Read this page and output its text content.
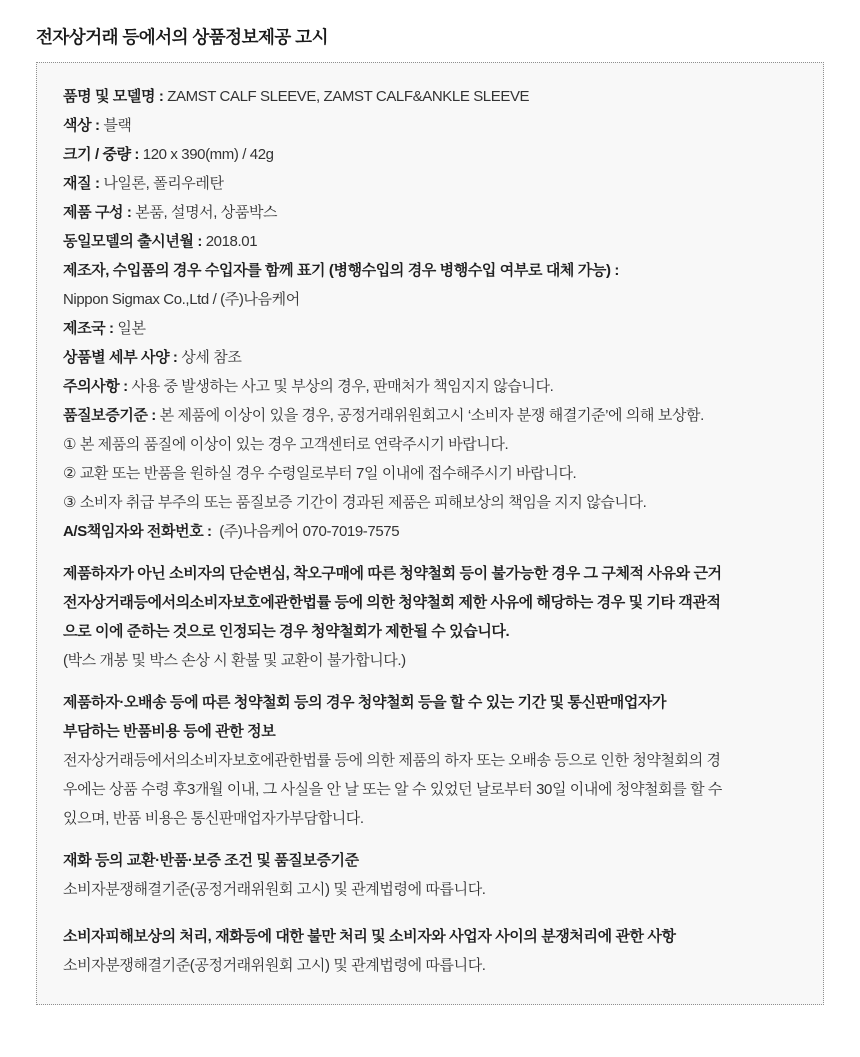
전자상거래 등에서의 상품정보제공 고시
품명 및 모델명 : ZAMST CALF SLEEVE, ZAMST CALF&ANKLE SLEEVE
색상 : 블랙
크기 / 중량 : 120 x 390(mm) / 42g
재질 : 나일론, 폴리우레탄
제품 구성 : 본품, 설명서, 상품박스
동일모델의 출시년월 : 2018.01
제조자, 수입품의 경우 수입자를 함께 표기 (병행수입의 경우 병행수입 여부로 대체 가능) :
Nippon Sigmax Co.,Ltd / (주)나음케어
제조국 : 일본
상품별 세부 사양 : 상세 참조
주의사항 : 사용 중 발생하는 사고 및 부상의 경우, 판매처가 책임지지 않습니다.
품질보증기준 : 본 제품에 이상이 있을 경우, 공정거래위원회고시 ‘소비자 분쟁 해결기준’에 의해 보상함.
① 본 제품의 품질에 이상이 있는 경우 고객센터로 연락주시기 바랍니다.
② 교환 또는 반품을 원하실 경우 수령일로부터 7일 이내에 접수해주시기 바랍니다.
③ 소비자 취급 부주의 또는 품질보증 기간이 경과된 제품은 피해보상의 책임을 지지 않습니다.
A/S책임자와 전화번호 :  (주)나음케어 070-7019-7575
제품하자가 아닌 소비자의 단순변심, 착오구매에 따른 청약철회 등이 불가능한 경우 그 구체적 사유와 근거
전자상거래등에서의소비자보호에관한법률 등에 의한 청약철회 제한 사유에 해당하는 경우 및 기타 객관적
으로 이에 준하는 것으로 인정되는 경우 청약철회가 제한될 수 있습니다.
(박스 개봉 및 박스 손상 시 환불 및 교환이 불가합니다.)
제품하자·오배송 등에 따른 청약철회 등의 경우 청약철회 등을 할 수 있는 기간 및 통신판매업자가
부담하는 반품비용 등에 관한 정보
전자상거래등에서의소비자보호에관한법률 등에 의한 제품의 하자 또는 오배송 등으로 인한 청약철회의 경
우에는 상품 수령 후3개월 이내, 그 사실을 안 날 또는 알 수 있었던 날로부터 30일 이내에 청약철회를 할 수
있으며, 반품 비용은 통신판매업자가부담합니다.
재화 등의 교환·반품·보증 조건 및 품질보증기준
소비자분쟁해결기준(공정거래위원회 고시) 및 관계법령에 따릅니다.
소비자피해보상의 처리, 재화등에 대한 불만 처리 및 소비자와 사업자 사이의 분쟁처리에 관한 사항
소비자분쟁해결기준(공정거래위원회 고시) 및 관계법령에 따릅니다.
